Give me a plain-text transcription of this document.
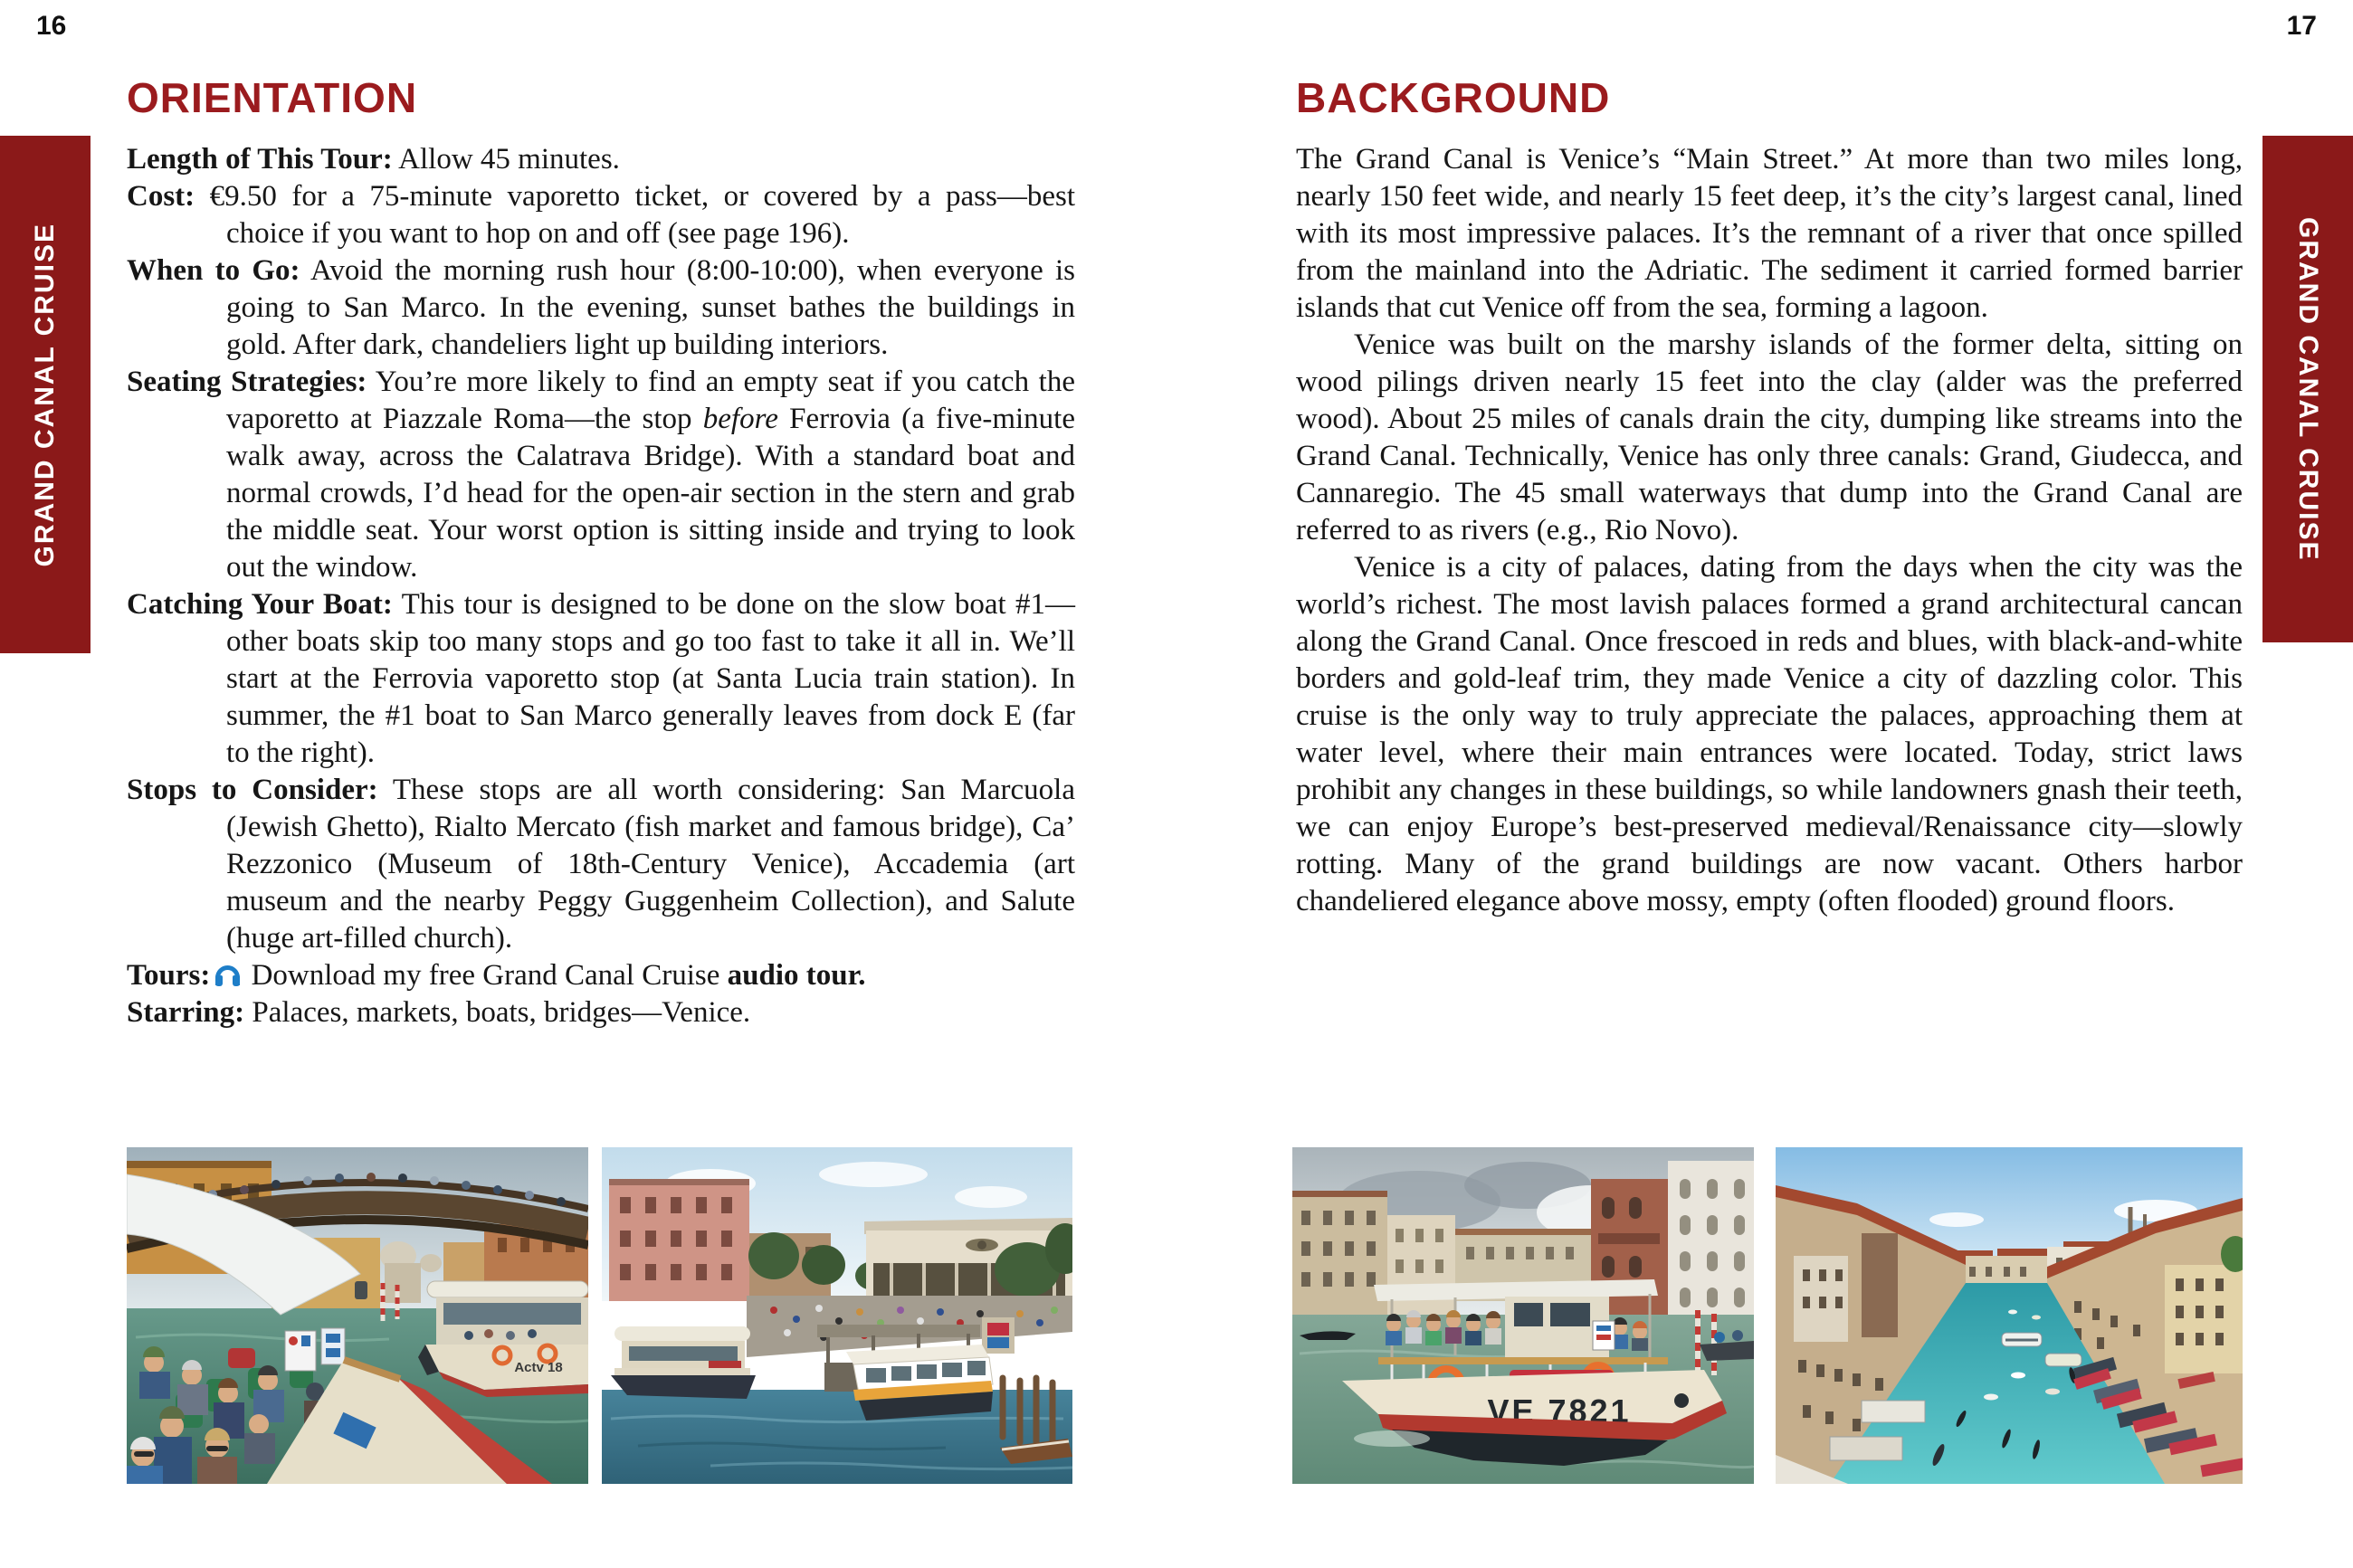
16	17
GRAND CANAL CRUISE	GRAND CANAL CRUISE
ORIENTATION	BACKGROUND

Length of This Tour: Allow 45 minutes.

Cost: €9.50 for a 75-minute vaporetto ticket, or covered by a pass—best choice if you want to hop on and off (see page 196).

When to Go: Avoid the morning rush hour (8:00-10:00), when everyone is going to San Marco. In the evening, sunset bathes the buildings in gold. After dark, chandeliers light up building interiors.

Seating Strategies: You’re more likely to find an empty seat if you catch the vaporetto at Piazzale Roma—the stop before Ferrovia (a five-minute walk away, across the Calatrava Bridge). With a standard boat and normal crowds, I’d head for the open-air section in the stern and grab the middle seat. Your worst option is sitting inside and trying to look out the window.

Catching Your Boat: This tour is designed to be done on the slow boat #1—other boats skip too many stops and go too fast to take it all in. We’ll start at the Ferrovia vaporetto stop (at Santa Lucia train station). In summer, the #1 boat to San Marco generally leaves from dock E (far to the right).

Stops to Consider: These stops are all worth considering: San Marcuola (Jewish Ghetto), Rialto Mercato (fish market and famous bridge), Ca’ Rezzonico (Museum of 18th-Century Venice), Accademia (art museum and the nearby Peggy Guggenheim Collection), and Salute (huge art-filled church).

Tours: Download my free Grand Canal Cruise audio tour.

Starring: Palaces, markets, boats, bridges—Venice.

The Grand Canal is Venice’s “Main Street.” At more than two miles long, nearly 150 feet wide, and nearly 15 feet deep, it’s the city’s largest canal, lined with its most impressive palaces. It’s the remnant of a river that once spilled from the mainland into the Adriatic. The sediment it carried formed barrier islands that cut Venice off from the sea, forming a lagoon.

Venice was built on the marshy islands of the former delta, sitting on wood pilings driven nearly 15 feet into the clay (alder was the preferred wood). About 25 miles of canals drain the city, dumping like streams into the Grand Canal. Technically, Venice has only three canals: Grand, Giudecca, and Cannaregio. The 45 small waterways that dump into the Grand Canal are referred to as rivers (e.g., Rio Novo).

Venice is a city of palaces, dating from the days when the city was the world’s richest. The most lavish palaces formed a grand architectural cancan along the Grand Canal. Once frescoed in reds and blues, with black-and-white borders and gold-leaf trim, they made Venice a city of dazzling color. This cruise is the only way to truly appreciate the palaces, approaching them at water level, where their main entrances were located. Today, strict laws prohibit any changes in these buildings, so while landowners gnash their teeth, we can enjoy Europe’s best-preserved medieval/Renaissance city—slowly rotting. Many of the grand buildings are now vacant. Others harbor chandeliered elegance above mossy, empty (often flooded) ground floors.

Actv 18
VE 7821
